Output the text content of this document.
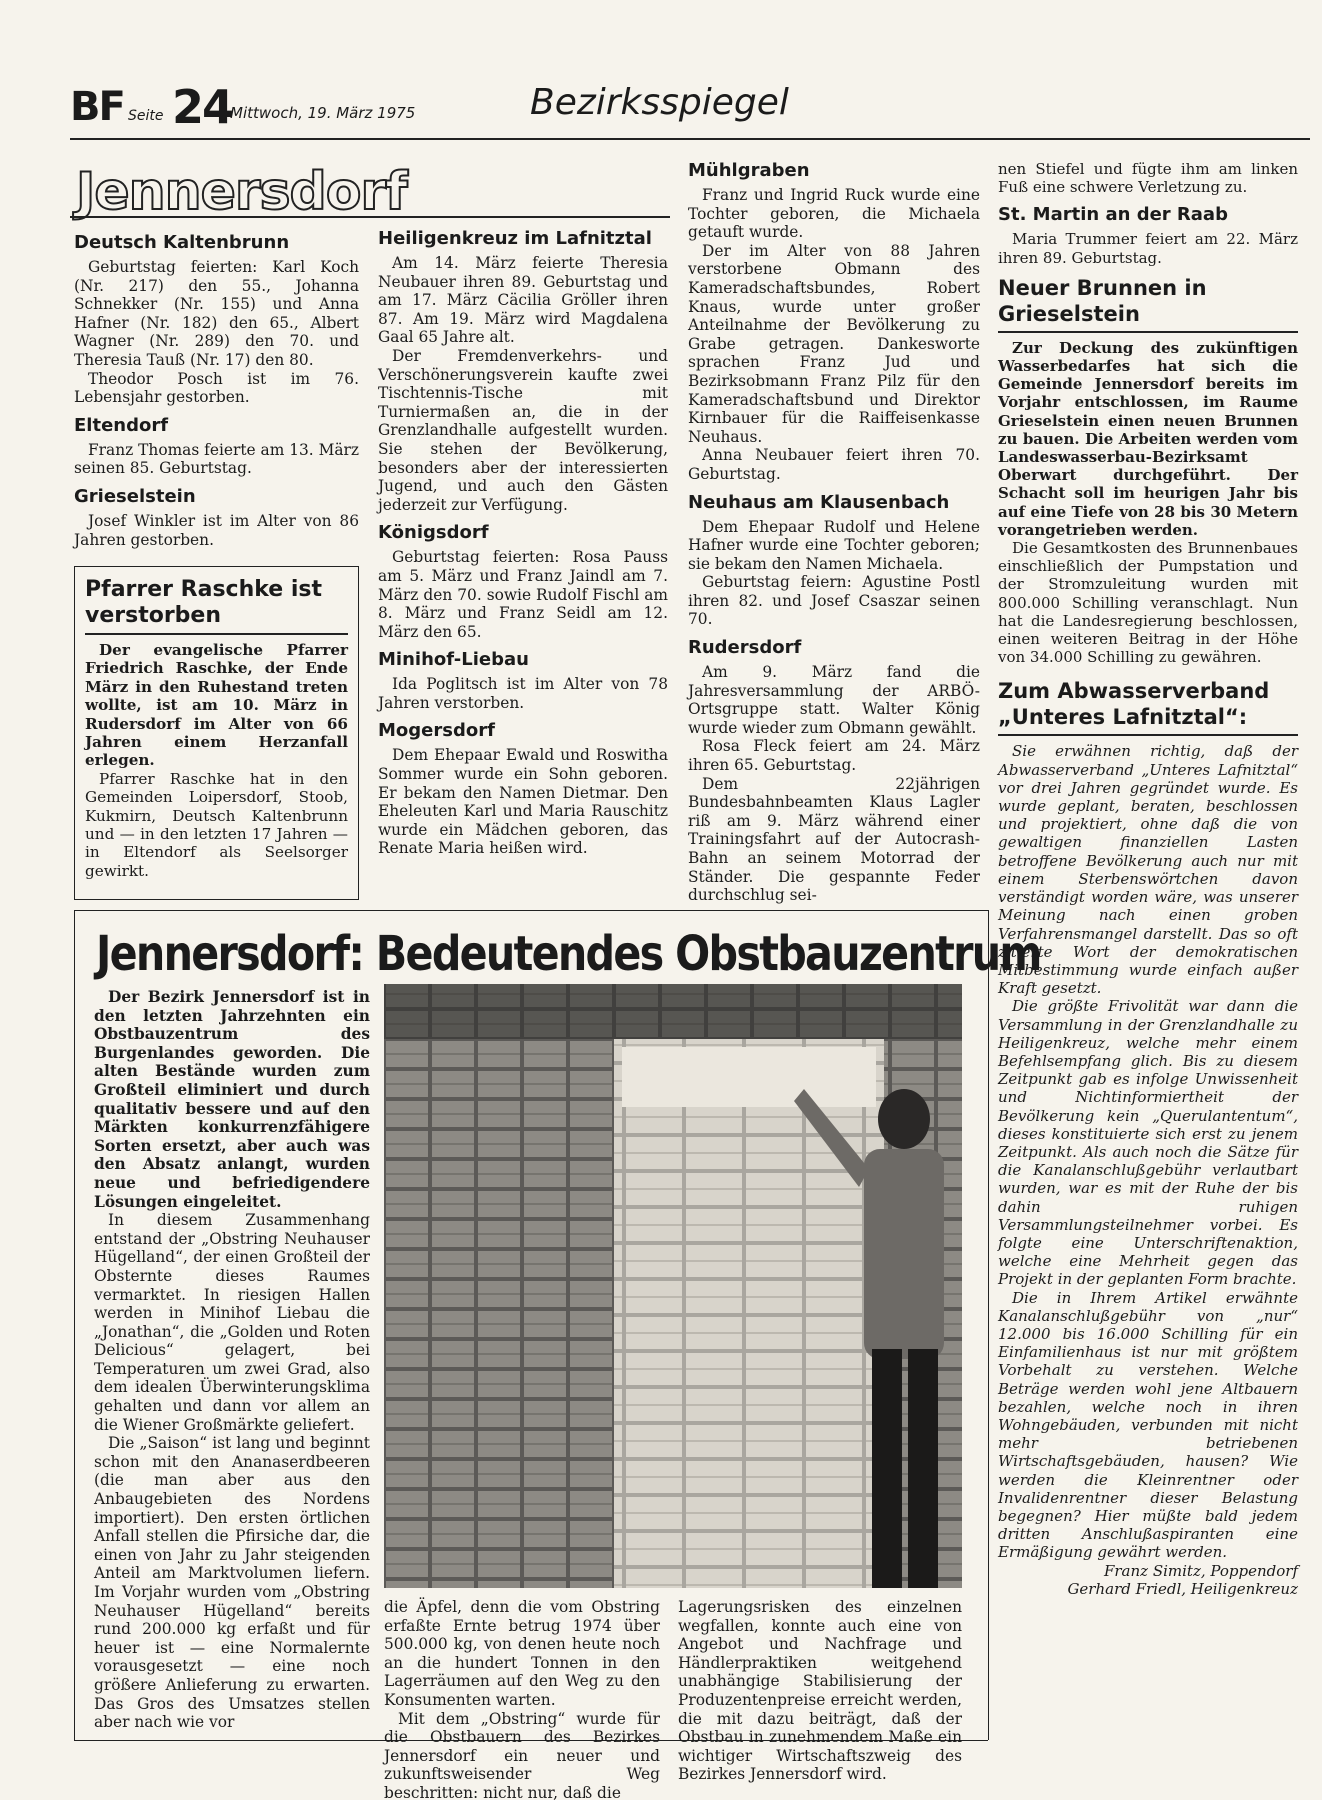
BF Seite 24
Mittwoch, 19. März 1975	Bezirksspiegel
Jennersdorf
Deutsch Kaltenbrunn

Geburtstag feierten: Karl Koch (Nr. 217) den 55., Johanna Schnekker (Nr. 155) und Anna Hafner (Nr. 182) den 65., Albert Wagner (Nr. 289) den 70. und Theresia Tauß (Nr. 17) den 80.

Theodor Posch ist im 76. Lebensjahr gestorben.

Eltendorf

Franz Thomas feierte am 13. März seinen 85. Geburtstag.

Grieselstein

Josef Winkler ist im Alter von 86 Jahren gestorben.

Pfarrer Raschke ist verstorben

Der evangelische Pfarrer Friedrich Raschke, der Ende März in den Ruhestand treten wollte, ist am 10. März in Rudersdorf im Alter von 66 Jahren einem Herzanfall erlegen.

Pfarrer Raschke hat in den Gemeinden Loipersdorf, Stoob, Kukmirn, Deutsch Kaltenbrunn und — in den letzten 17 Jahren — in Eltendorf als Seelsorger gewirkt.

Heiligenkreuz im Lafnitztal

Am 14. März feierte Theresia Neubauer ihren 89. Geburtstag und am 17. März Cäcilia Gröller ihren 87. Am 19. März wird Magdalena Gaal 65 Jahre alt.

Der Fremdenverkehrs- und Verschönerungsverein kaufte zwei Tischtennis-Tische mit Turniermaßen an, die in der Grenzlandhalle aufgestellt wurden. Sie stehen der Bevölkerung, besonders aber der interessierten Jugend, und auch den Gästen jederzeit zur Verfügung.

Königsdorf

Geburtstag feierten: Rosa Pauss am 5. März und Franz Jaindl am 7. März den 70. sowie Rudolf Fischl am 8. März und Franz Seidl am 12. März den 65.

Minihof-Liebau

Ida Poglitsch ist im Alter von 78 Jahren verstorben.

Mogersdorf

Dem Ehepaar Ewald und Roswitha Sommer wurde ein Sohn geboren. Er bekam den Namen Dietmar. Den Eheleuten Karl und Maria Rauschitz wurde ein Mädchen geboren, das Renate Maria heißen wird.

Mühlgraben

Franz und Ingrid Ruck wurde eine Tochter geboren, die Michaela getauft wurde.

Der im Alter von 88 Jahren verstorbene Obmann des Kameradschaftsbundes, Robert Knaus, wurde unter großer Anteilnahme der Bevölkerung zu Grabe getragen. Dankesworte sprachen Franz Jud und Bezirksobmann Franz Pilz für den Kameradschaftsbund und Direktor Kirnbauer für die Raiffeisenkasse Neuhaus.

Anna Neubauer feiert ihren 70. Geburtstag.

Neuhaus am Klausenbach

Dem Ehepaar Rudolf und Helene Hafner wurde eine Tochter geboren; sie bekam den Namen Michaela.

Geburtstag feiern: Agustine Postl ihren 82. und Josef Csaszar seinen 70.

Rudersdorf

Am 9. März fand die Jahresversammlung der ARBÖ-Ortsgruppe statt. Walter König wurde wieder zum Obmann gewählt.

Rosa Fleck feiert am 24. März ihren 65. Geburtstag.

Dem 22jährigen Bundesbahnbeamten Klaus Lagler riß am 9. März während einer Trainingsfahrt auf der Autocrash-Bahn an seinem Motorrad der Ständer. Die gespannte Feder durchschlug sei-

nen Stiefel und fügte ihm am linken Fuß eine schwere Verletzung zu.

St. Martin an der Raab

Maria Trummer feiert am 22. März ihren 89. Geburtstag.

Neuer Brunnen in Grieselstein

Zur Deckung des zukünftigen Wasserbedarfes hat sich die Gemeinde Jennersdorf bereits im Vorjahr entschlossen, im Raume Grieselstein einen neuen Brunnen zu bauen. Die Arbeiten werden vom Landeswasserbau-Bezirksamt Oberwart durchgeführt. Der Schacht soll im heurigen Jahr bis auf eine Tiefe von 28 bis 30 Metern vorangetrieben werden.

Die Gesamtkosten des Brunnenbaues einschließlich der Pumpstation und der Stromzuleitung wurden mit 800.000 Schilling veranschlagt. Nun hat die Landesregierung beschlossen, einen weiteren Beitrag in der Höhe von 34.000 Schilling zu gewähren.

Zum Abwasserverband „Unteres Lafnitztal“:

Sie erwähnen richtig, daß der Abwasserverband „Unteres Lafnitztal“ vor drei Jahren gegründet wurde. Es wurde geplant, beraten, beschlossen und projektiert, ohne daß die von gewaltigen finanziellen Lasten betroffene Bevölkerung auch nur mit einem Sterbenswörtchen davon verständigt worden wäre, was unserer Meinung nach einen groben Verfahrensmangel darstellt. Das so oft zitierte Wort der demokratischen Mitbestimmung wurde einfach außer Kraft gesetzt.

Die größte Frivolität war dann die Versammlung in der Grenzlandhalle zu Heiligenkreuz, welche mehr einem Befehlsempfang glich. Bis zu diesem Zeitpunkt gab es infolge Unwissenheit und Nichtinformiertheit der Bevölkerung kein „Querulantentum“, dieses konstituierte sich erst zu jenem Zeitpunkt. Als auch noch die Sätze für die Kanalanschlußgebühr verlautbart wurden, war es mit der Ruhe der bis dahin ruhigen Versammlungsteilnehmer vorbei. Es folgte eine Unterschriftenaktion, welche eine Mehrheit gegen das Projekt in der geplanten Form brachte.

Die in Ihrem Artikel erwähnte Kanalanschlußgebühr von „nur“ 12.000 bis 16.000 Schilling für ein Einfamilienhaus ist nur mit größtem Vorbehalt zu verstehen. Welche Beträge werden wohl jene Altbauern bezahlen, welche noch in ihren Wohngebäuden, verbunden mit nicht mehr betriebenen Wirtschaftsgebäuden, hausen? Wie werden die Kleinrentner oder Invalidenrentner dieser Belastung begegnen? Hier müßte bald jedem dritten Anschlußaspiranten eine Ermäßigung gewährt werden.

Franz Simitz, Poppendorf

Gerhard Friedl, Heiligenkreuz

Jennersdorf: Bedeutendes Obstbauzentrum

Der Bezirk Jennersdorf ist in den letzten Jahrzehnten ein Obstbauzentrum des Burgenlandes geworden. Die alten Bestände wurden zum Großteil eliminiert und durch qualitativ bessere und auf den Märkten konkurrenzfähigere Sorten ersetzt, aber auch was den Absatz anlangt, wurden neue und befriedigendere Lösungen eingeleitet.

In diesem Zusammenhang entstand der „Obstring Neuhauser Hügelland“, der einen Großteil der Obsternte dieses Raumes vermarktet. In riesigen Hallen werden in Minihof Liebau die „Jonathan“, die „Golden und Roten Delicious“ gelagert, bei Temperaturen um zwei Grad, also dem idealen Überwinterungsklima gehalten und dann vor allem an die Wiener Großmärkte geliefert.

Die „Saison“ ist lang und beginnt schon mit den Ananaserdbeeren (die man aber aus den Anbaugebieten des Nordens importiert). Den ersten örtlichen Anfall stellen die Pfirsiche dar, die einen von Jahr zu Jahr steigenden Anteil am Marktvolumen liefern. Im Vorjahr wurden vom „Obstring Neuhauser Hügelland“ bereits rund 200.000 kg erfaßt und für heuer ist — eine Normalernte vorausgesetzt — eine noch größere Anlieferung zu erwarten. Das Gros des Umsatzes stellen aber nach wie vor

die Äpfel, denn die vom Obstring erfaßte Ernte betrug 1974 über 500.000 kg, von denen heute noch an die hundert Tonnen in den Lagerräumen auf den Weg zu den Konsumenten warten.

Mit dem „Obstring“ wurde für die Obstbauern des Bezirkes Jennersdorf ein neuer und zukunftsweisender Weg beschritten: nicht nur, daß die

Lagerungsrisken des einzelnen wegfallen, konnte auch eine von Angebot und Nachfrage und Händlerpraktiken weitgehend unabhängige Stabilisierung der Produzentenpreise erreicht werden, die mit dazu beiträgt, daß der Obstbau in zunehmendem Maße ein wichtiger Wirtschaftszweig des Bezirkes Jennersdorf wird.
